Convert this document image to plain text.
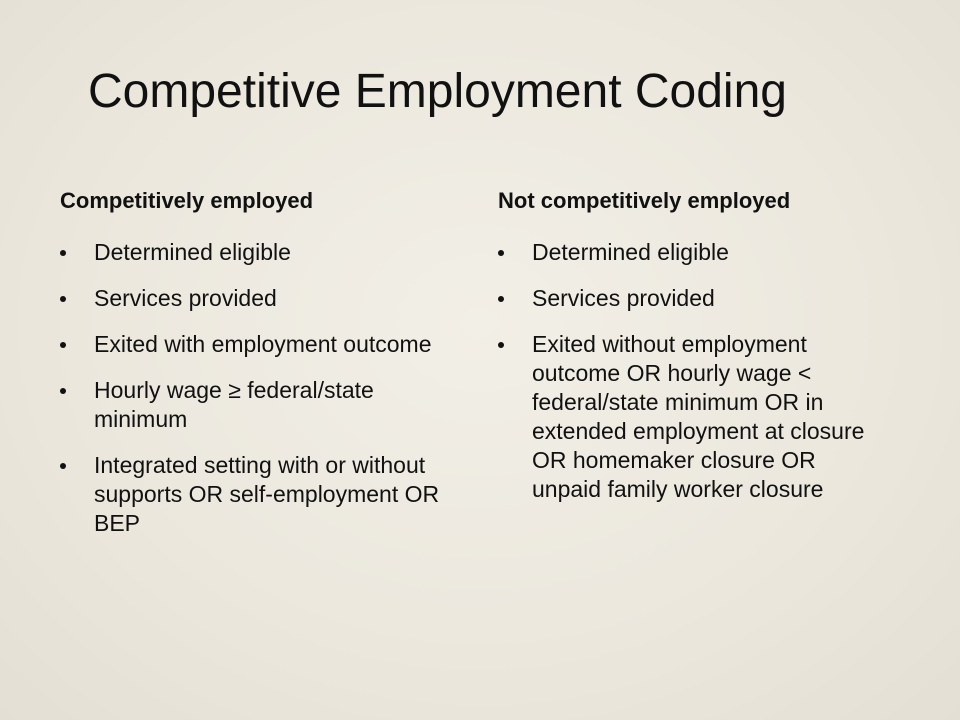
Competitive Employment Coding
Competitively employed
Determined eligible
Services provided
Exited with employment outcome
Hourly wage ≥ federal/state minimum
Integrated setting with or without supports OR self-employment OR BEP
Not competitively employed
Determined eligible
Services provided
Exited without employment outcome OR hourly wage < federal/state minimum OR in extended employment at closure OR homemaker closure OR unpaid family worker closure
